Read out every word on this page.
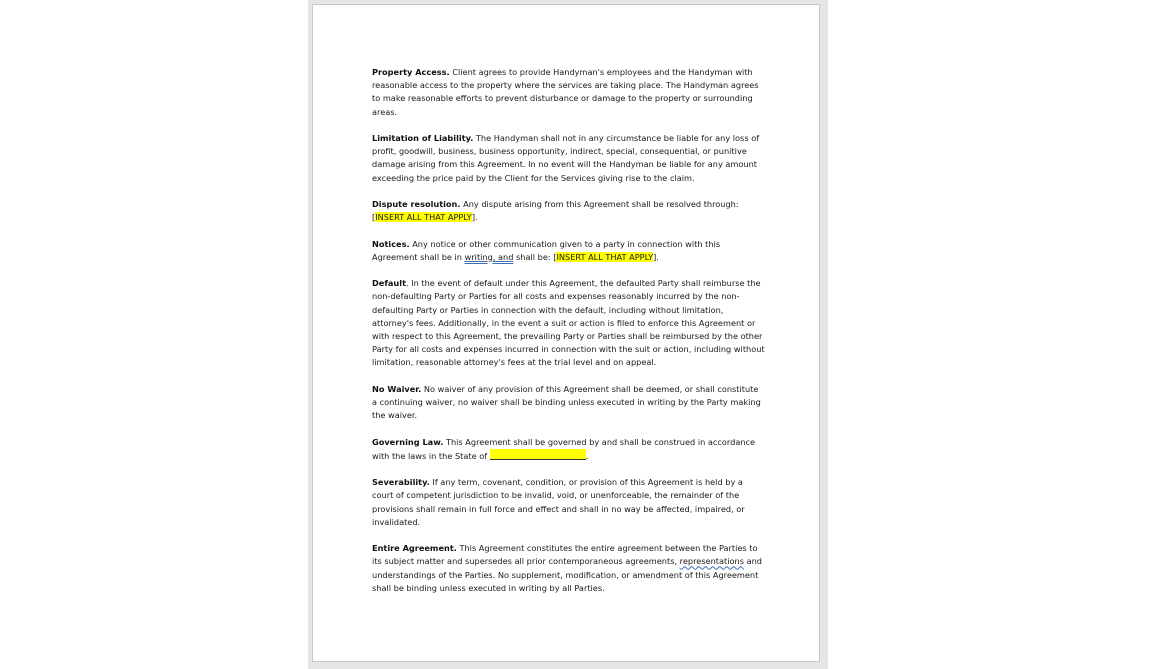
Property Access. Client agrees to provide Handyman's employees and the Handyman with reasonable access to the property where the services are taking place. The Handyman agrees to make reasonable efforts to prevent disturbance or damage to the property or surrounding areas.

Limitation of Liability. The Handyman shall not in any circumstance be liable for any loss of profit, goodwill, business, business opportunity, indirect, special, consequential, or punitive damage arising from this Agreement. In no event will the Handyman be liable for any amount exceeding the price paid by the Client for the Services giving rise to the claim.

Dispute resolution. Any dispute arising from this Agreement shall be resolved through: [INSERT ALL THAT APPLY].

Notices. Any notice or other communication given to a party in connection with this Agreement shall be in writing, and shall be: [INSERT ALL THAT APPLY].

Default. In the event of default under this Agreement, the defaulted Party shall reimburse the non-defaulting Party or Parties for all costs and expenses reasonably incurred by the non-defaulting Party or Parties in connection with the default, including without limitation, attorney's fees. Additionally, in the event a suit or action is filed to enforce this Agreement or with respect to this Agreement, the prevailing Party or Parties shall be reimbursed by the other Party for all costs and expenses incurred in connection with the suit or action, including without limitation, reasonable attorney's fees at the trial level and on appeal.

No Waiver. No waiver of any provision of this Agreement shall be deemed, or shall constitute a continuing waiver, no waiver shall be binding unless executed in writing by the Party making the waiver.

Governing Law. This Agreement shall be governed by and shall be construed in accordance with the laws in the State of	.

Severability. If any term, covenant, condition, or provision of this Agreement is held by a court of competent jurisdiction to be invalid, void, or unenforceable, the remainder of the provisions shall remain in full force and effect and shall in no way be affected, impaired, or invalidated.

Entire Agreement. This Agreement constitutes the entire agreement between the Parties to its subject matter and supersedes all prior contemporaneous agreements, representations and understandings of the Parties. No supplement, modification, or amendment of this Agreement shall be binding unless executed in writing by all Parties.
